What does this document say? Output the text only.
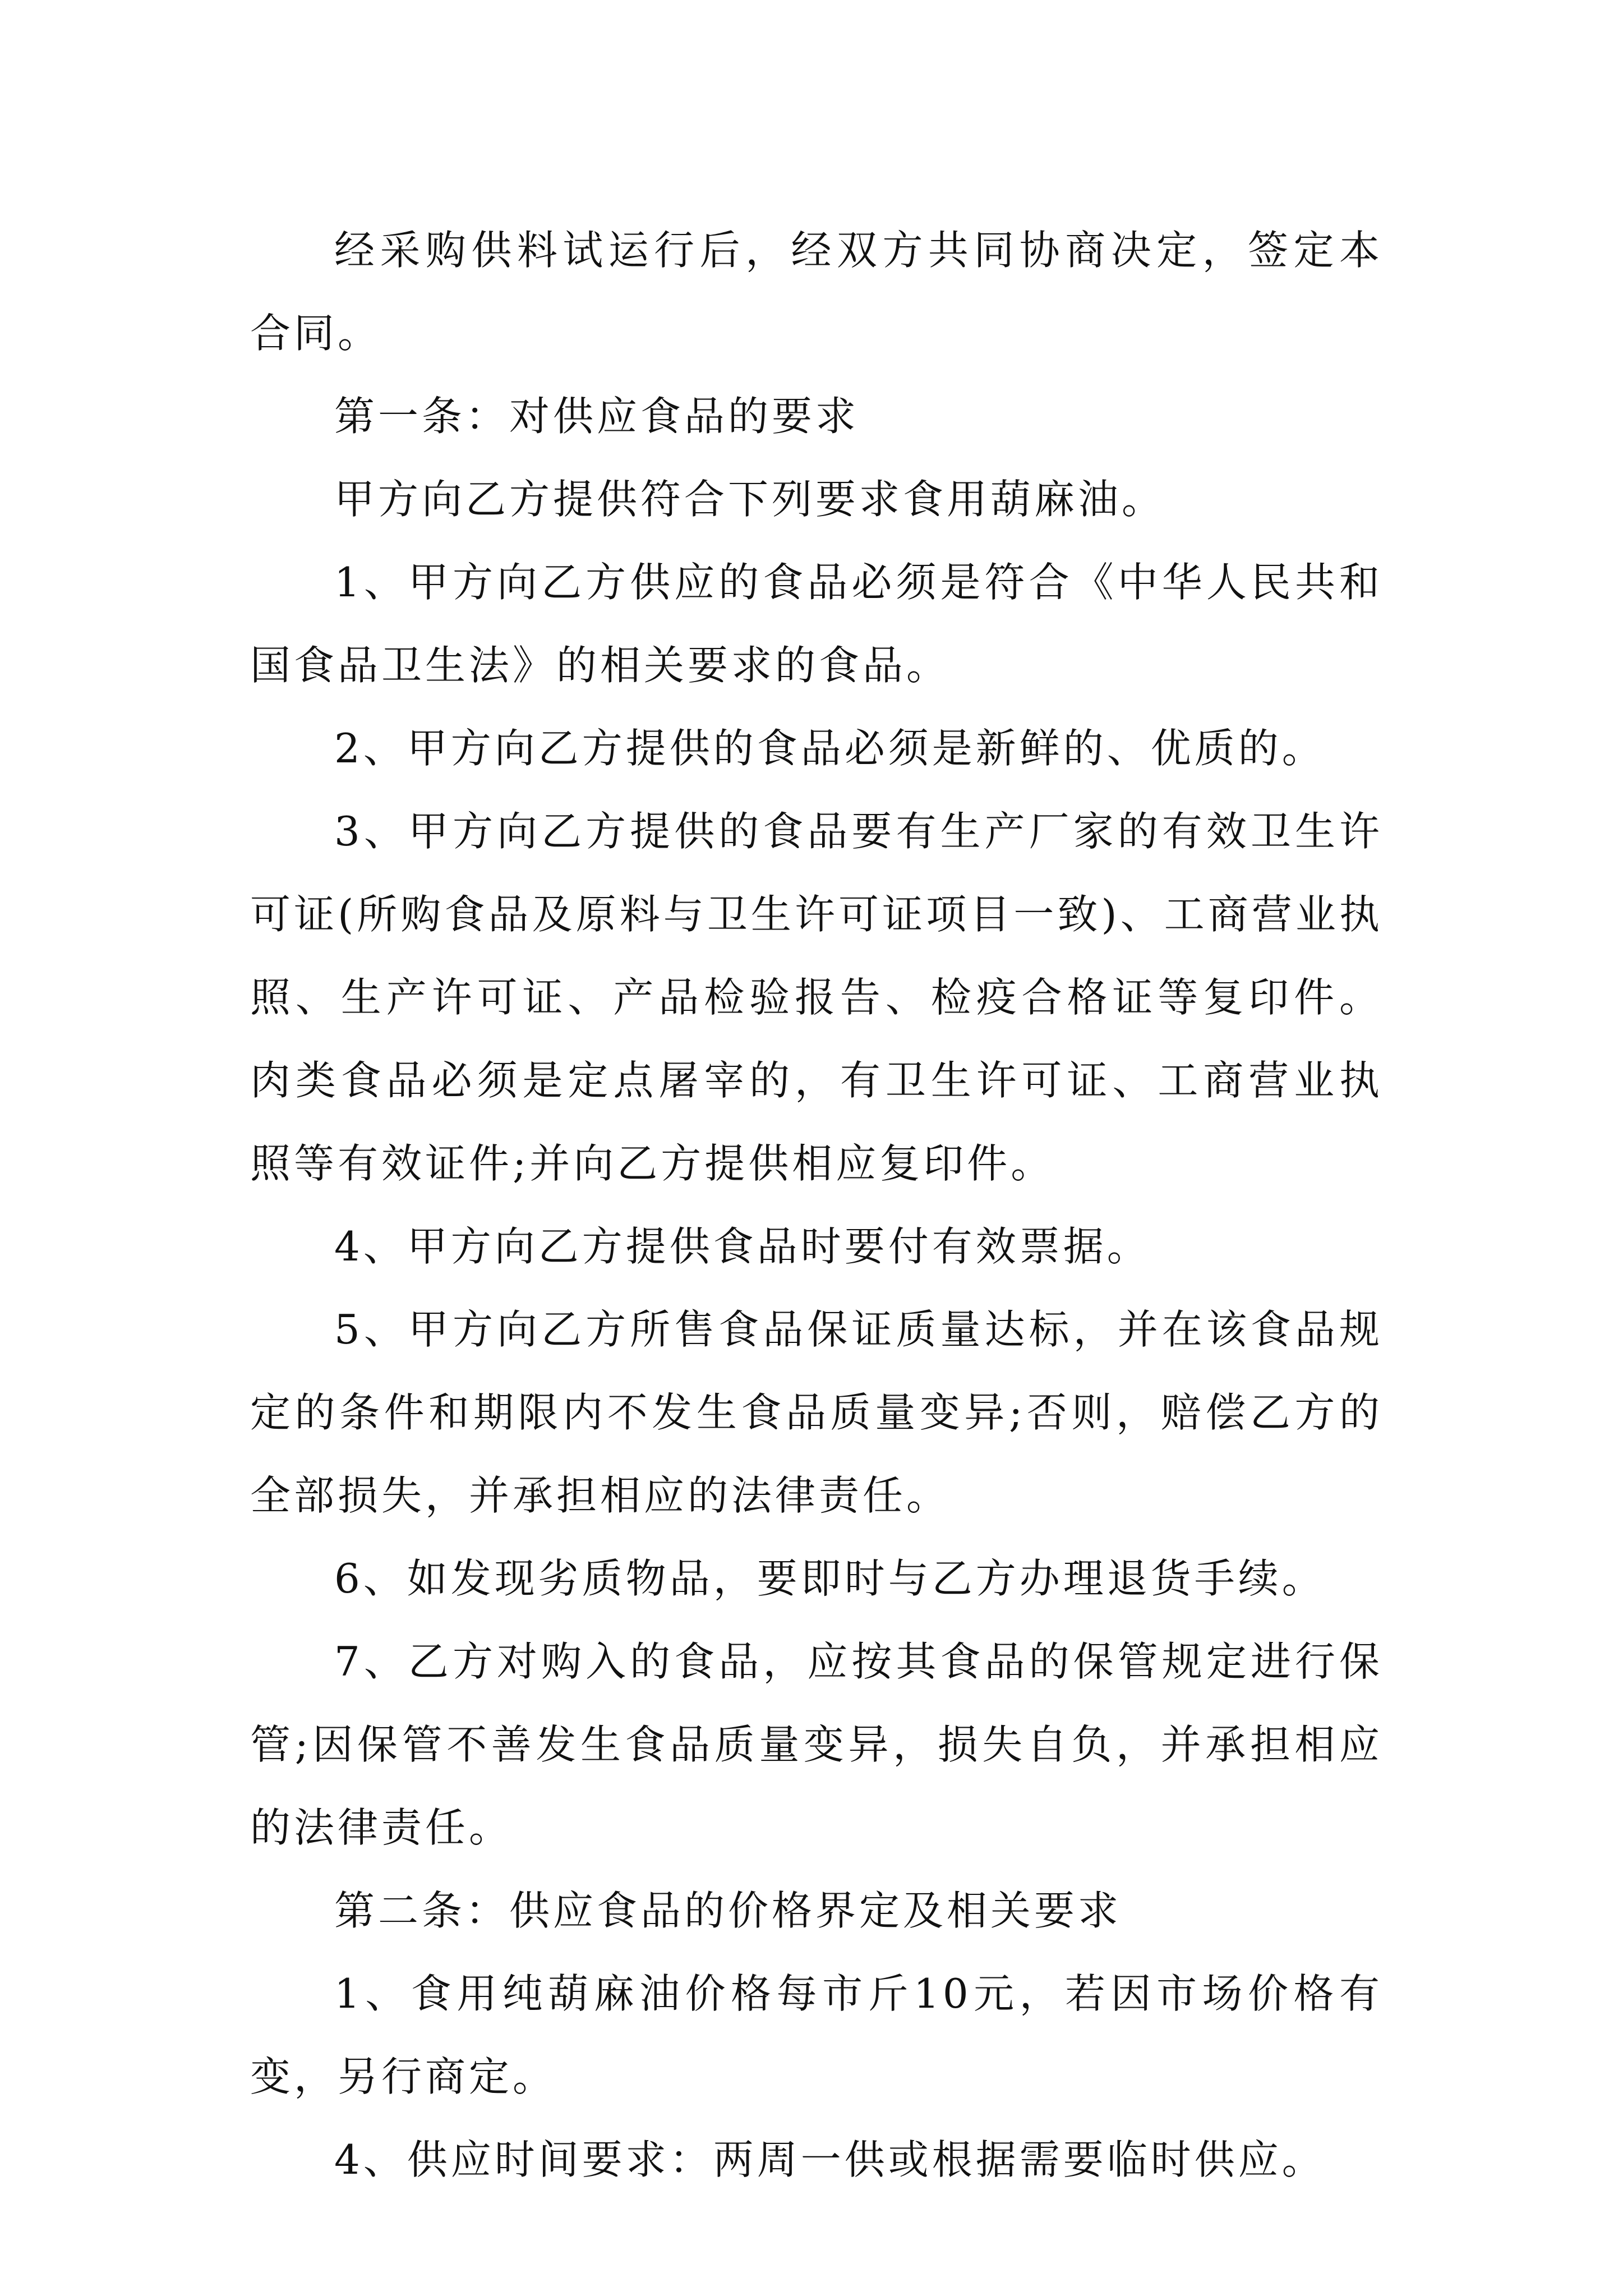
经采购供料试运行后，经双方共同协商决定，签定本合同。

第一条：对供应食品的要求

甲方向乙方提供符合下列要求食用葫麻油。

1、甲方向乙方供应的食品必须是符合《中华人民共和国食品卫生法》的相关要求的食品。

2、甲方向乙方提供的食品必须是新鲜的、优质的。

3、甲方向乙方提供的食品要有生产厂家的有效卫生许可证(所购食品及原料与卫生许可证项目一致)、工商营业执照、生产许可证、产品检验报告、检疫合格证等复印件。肉类食品必须是定点屠宰的，有卫生许可证、工商营业执照等有效证件;并向乙方提供相应复印件。

4、甲方向乙方提供食品时要付有效票据。

5、甲方向乙方所售食品保证质量达标，并在该食品规定的条件和期限内不发生食品质量变异;否则，赔偿乙方的全部损失，并承担相应的法律责任。

6、如发现劣质物品，要即时与乙方办理退货手续。

7、乙方对购入的食品，应按其食品的保管规定进行保管;因保管不善发生食品质量变异，损失自负，并承担相应的法律责任。

第二条：供应食品的价格界定及相关要求

1、食用纯葫麻油价格每市斤10元，若因市场价格有变，另行商定。

4、供应时间要求：两周一供或根据需要临时供应。
